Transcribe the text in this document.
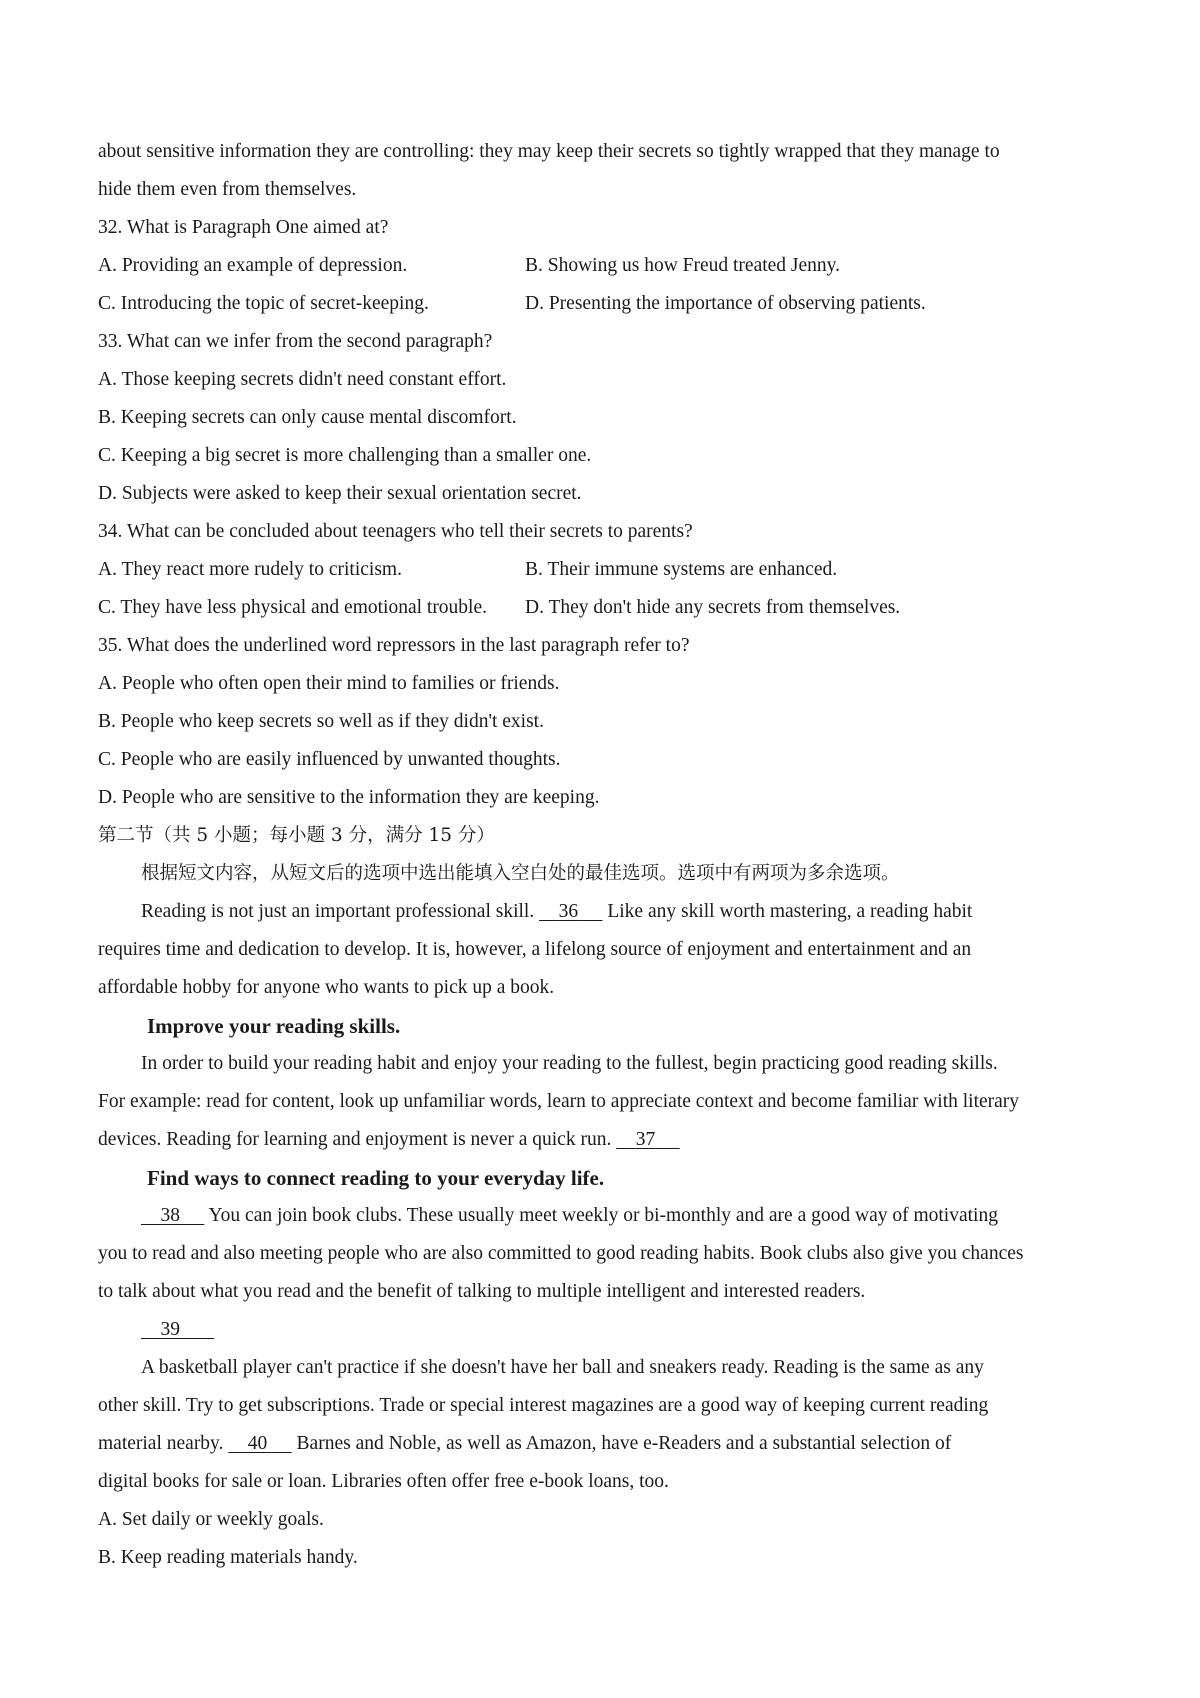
about sensitive information they are controlling: they may keep their secrets so tightly wrapped that they manage to
hide them even from themselves.
32. What is Paragraph One aimed at?
A. Providing an example of depression.	B. Showing us how Freud treated Jenny.
C. Introducing the topic of secret-keeping.	D. Presenting the importance of observing patients.
33. What can we infer from the second paragraph?
A. Those keeping secrets didn't need constant effort.
B. Keeping secrets can only cause mental discomfort.
C. Keeping a big secret is more challenging than a smaller one.
D. Subjects were asked to keep their sexual orientation secret.
34. What can be concluded about teenagers who tell their secrets to parents?
A. They react more rudely to criticism.	B. Their immune systems are enhanced.
C. They have less physical and emotional trouble. D. They don't hide any secrets from themselves.
35. What does the underlined word repressors in the last paragraph refer to?
A. People who often open their mind to families or friends.
B. People who keep secrets so well as if they didn't exist.
C. People who are easily influenced by unwanted thoughts.
D. People who are sensitive to the information they are keeping.
第二节（共 5 小题；每小题 3 分，满分 15 分）
根据短文内容，从短文后的选项中选出能填入空白处的最佳选项。选项中有两项为多余选项。
Reading is not just an important professional skill. 36 Like any skill worth mastering, a reading habit
requires time and dedication to develop. It is, however, a lifelong source of enjoyment and entertainment and an
affordable hobby for anyone who wants to pick up a book.
Improve your reading skills.
In order to build your reading habit and enjoy your reading to the fullest, begin practicing good reading skills.
For example: read for content, look up unfamiliar words, learn to appreciate context and become familiar with literary
devices. Reading for learning and enjoyment is never a quick run. 37
Find ways to connect reading to your everyday life.
38 You can join book clubs. These usually meet weekly or bi-monthly and are a good way of motivating
you to read and also meeting people who are also committed to good reading habits. Book clubs also give you chances
to talk about what you read and the benefit of talking to multiple intelligent and interested readers.
39
A basketball player can't practice if she doesn't have her ball and sneakers ready. Reading is the same as any
other skill. Try to get subscriptions. Trade or special interest magazines are a good way of keeping current reading
material nearby. 40 Barnes and Noble, as well as Amazon, have e-Readers and a substantial selection of
digital books for sale or loan. Libraries often offer free e-book loans, too.
A. Set daily or weekly goals.
B. Keep reading materials handy.
